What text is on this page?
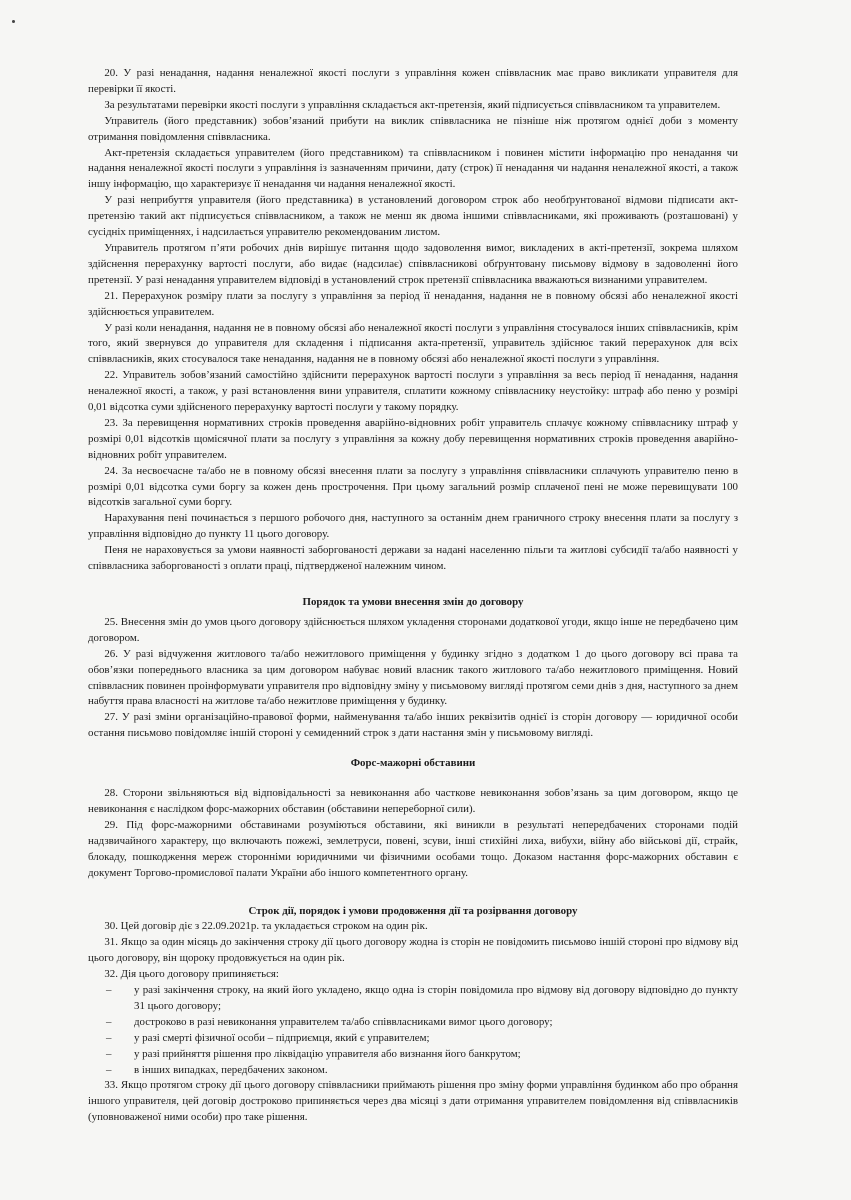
  20. У разі ненадання, надання неналежної якості послуги з управління кожен співвласник має право викликати управителя для перевірки її якості.

  За результатами перевірки якості послуги з управління складається акт-претензія, який підписується співвласником та управителем.

  Управитель (його представник) зобов’язаний прибути на виклик співвласника не пізніше ніж протягом однієї доби з моменту отримання повідомлення співвласника.

  Акт-претензія складається управителем (його представником) та співвласником і повинен містити інформацію про ненадання чи надання неналежної якості послуги з управління із зазначенням причини, дату (строк) її ненадання чи надання неналежної якості, а також іншу інформацію, що характеризує її ненадання чи надання неналежної якості.

  У разі неприбуття управителя (його представника) в установлений договором строк або необґрунтованої відмови підписати акт-претензію такий акт підписується співвласником, а також не менш як двома іншими співвласниками, які проживають (розташовані) у сусідніх приміщеннях, і надсилається управителю рекомендованим листом.

  Управитель протягом п’яти робочих днів вирішує питання щодо задоволення вимог, викладених в акті-претензії, зокрема шляхом здійснення перерахунку вартості послуги, або видає (надсилає) співвласникові обґрунтовану письмову відмову в задоволенні його претензії. У разі ненадання управителем відповіді в установлений строк претензії співвласника вважаються визнаними управителем.

  21. Перерахунок розміру плати за послугу з управління за період її ненадання, надання не в повному обсязі або неналежної якості здійснюється управителем.

  У разі коли ненадання, надання не в повному обсязі або неналежної якості послуги з управління стосувалося інших співвласників, крім того, який звернувся до управителя для складення і підписання акта-претензії, управитель здійснює такий перерахунок для всіх співвласників, яких стосувалося таке ненадання, надання не в повному обсязі або неналежної якості послуги з управління.

  22. Управитель зобов’язаний самостійно здійснити перерахунок вартості послуги з управління за весь період її ненадання, надання неналежної якості, а також, у разі встановлення вини управителя, сплатити кожному співвласнику неустойку: штраф або пеню у розмірі 0,01 відсотка суми здійсненого перерахунку вартості послуги у такому порядку.

  23. За перевищення нормативних строків проведення аварійно-відновних робіт управитель сплачує кожному співвласнику штраф у розмірі 0,01 відсотків щомісячної плати за послугу з управління за кожну добу перевищення нормативних строків проведення аварійно-відновних робіт управителем.

  24. За несвоєчасне та/або не в повному обсязі внесення плати за послугу з управління співвласники сплачують управителю пеню в розмірі 0,01 відсотка суми боргу за кожен день прострочення. При цьому загальний розмір сплаченої пені не може перевищувати 100 відсотків загальної суми боргу.

  Нарахування пені починається з першого робочого дня, наступного за останнім днем граничного строку внесення плати за послугу з управління відповідно до пункту 11 цього договору.

  Пеня не нараховується за умови наявності заборгованості держави за надані населенню пільги та житлові субсидії та/або наявності у співвласника заборгованості з оплати праці, підтвердженої належним чином.

Порядок та умови внесення змін до договору

  25. Внесення змін до умов цього договору здійснюється шляхом укладення сторонами додаткової угоди, якщо інше не передбачено цим договором.

  26. У разі відчуження житлового та/або нежитлового приміщення у будинку згідно з додатком 1 до цього договору всі права та обов’язки попереднього власника за цим договором набуває новий власник такого житлового та/або нежитлового приміщення. Новий співвласник повинен проінформувати управителя про відповідну зміну у письмовому вигляді протягом семи днів з дня, наступного за днем набуття права власності на житлове та/або нежитлове приміщення у будинку.

  27. У разі зміни організаційно-правової форми, найменування та/або інших реквізитів однієї із сторін договору — юридичної особи остання письмово повідомляє іншій стороні у семиденний строк з дати настання змін у письмовому вигляді.

Форс-мажорні обставини

  28. Сторони звільняються від відповідальності за невиконання або часткове невиконання зобов’язань за цим договором, якщо це невиконання є наслідком форс-мажорних обставин (обставини непереборної сили).

  29. Під форс-мажорними обставинами розуміються обставини, які виникли в результаті непередбачених сторонами подій надзвичайного характеру, що включають пожежі, землетруси, повені, зсуви, інші стихійні лиха, вибухи, війну або військові дії, страйк, блокаду, пошкодження мереж сторонніми юридичними чи фізичними особами тощо. Доказом настання форс-мажорних обставин є документ Торгово-промислової палати України або іншого компетентного органу.

Строк дії, порядок і умови продовження дії та розірвання договору

  30. Цей договір діє з 22.09.2021р. та укладається строком на один рік.

  31. Якщо за один місяць до закінчення строку дії цього договору жодна із сторін не повідомить письмово іншій стороні про відмову від цього договору, він щороку продовжується на один рік.

  32. Дія цього договору припиняється:

– у разі закінчення строку, на який його укладено, якщо одна із сторін повідомила про відмову від договору відповідно до пункту 31 цього договору;
– достроково в разі невиконання управителем та/або співвласниками вимог цього договору;
– у разі смерті фізичної особи – підприємця, який є управителем;
– у разі прийняття рішення про ліквідацію управителя або визнання його банкрутом;
– в інших випадках, передбачених законом.

  33. Якщо протягом строку дії цього договору співвласники приймають рішення про зміну форми управління будинком або про обрання іншого управителя, цей договір достроково припиняється через два місяці з дати отримання управителем повідомлення від співвласників (уповноваженої ними особи) про таке рішення.
